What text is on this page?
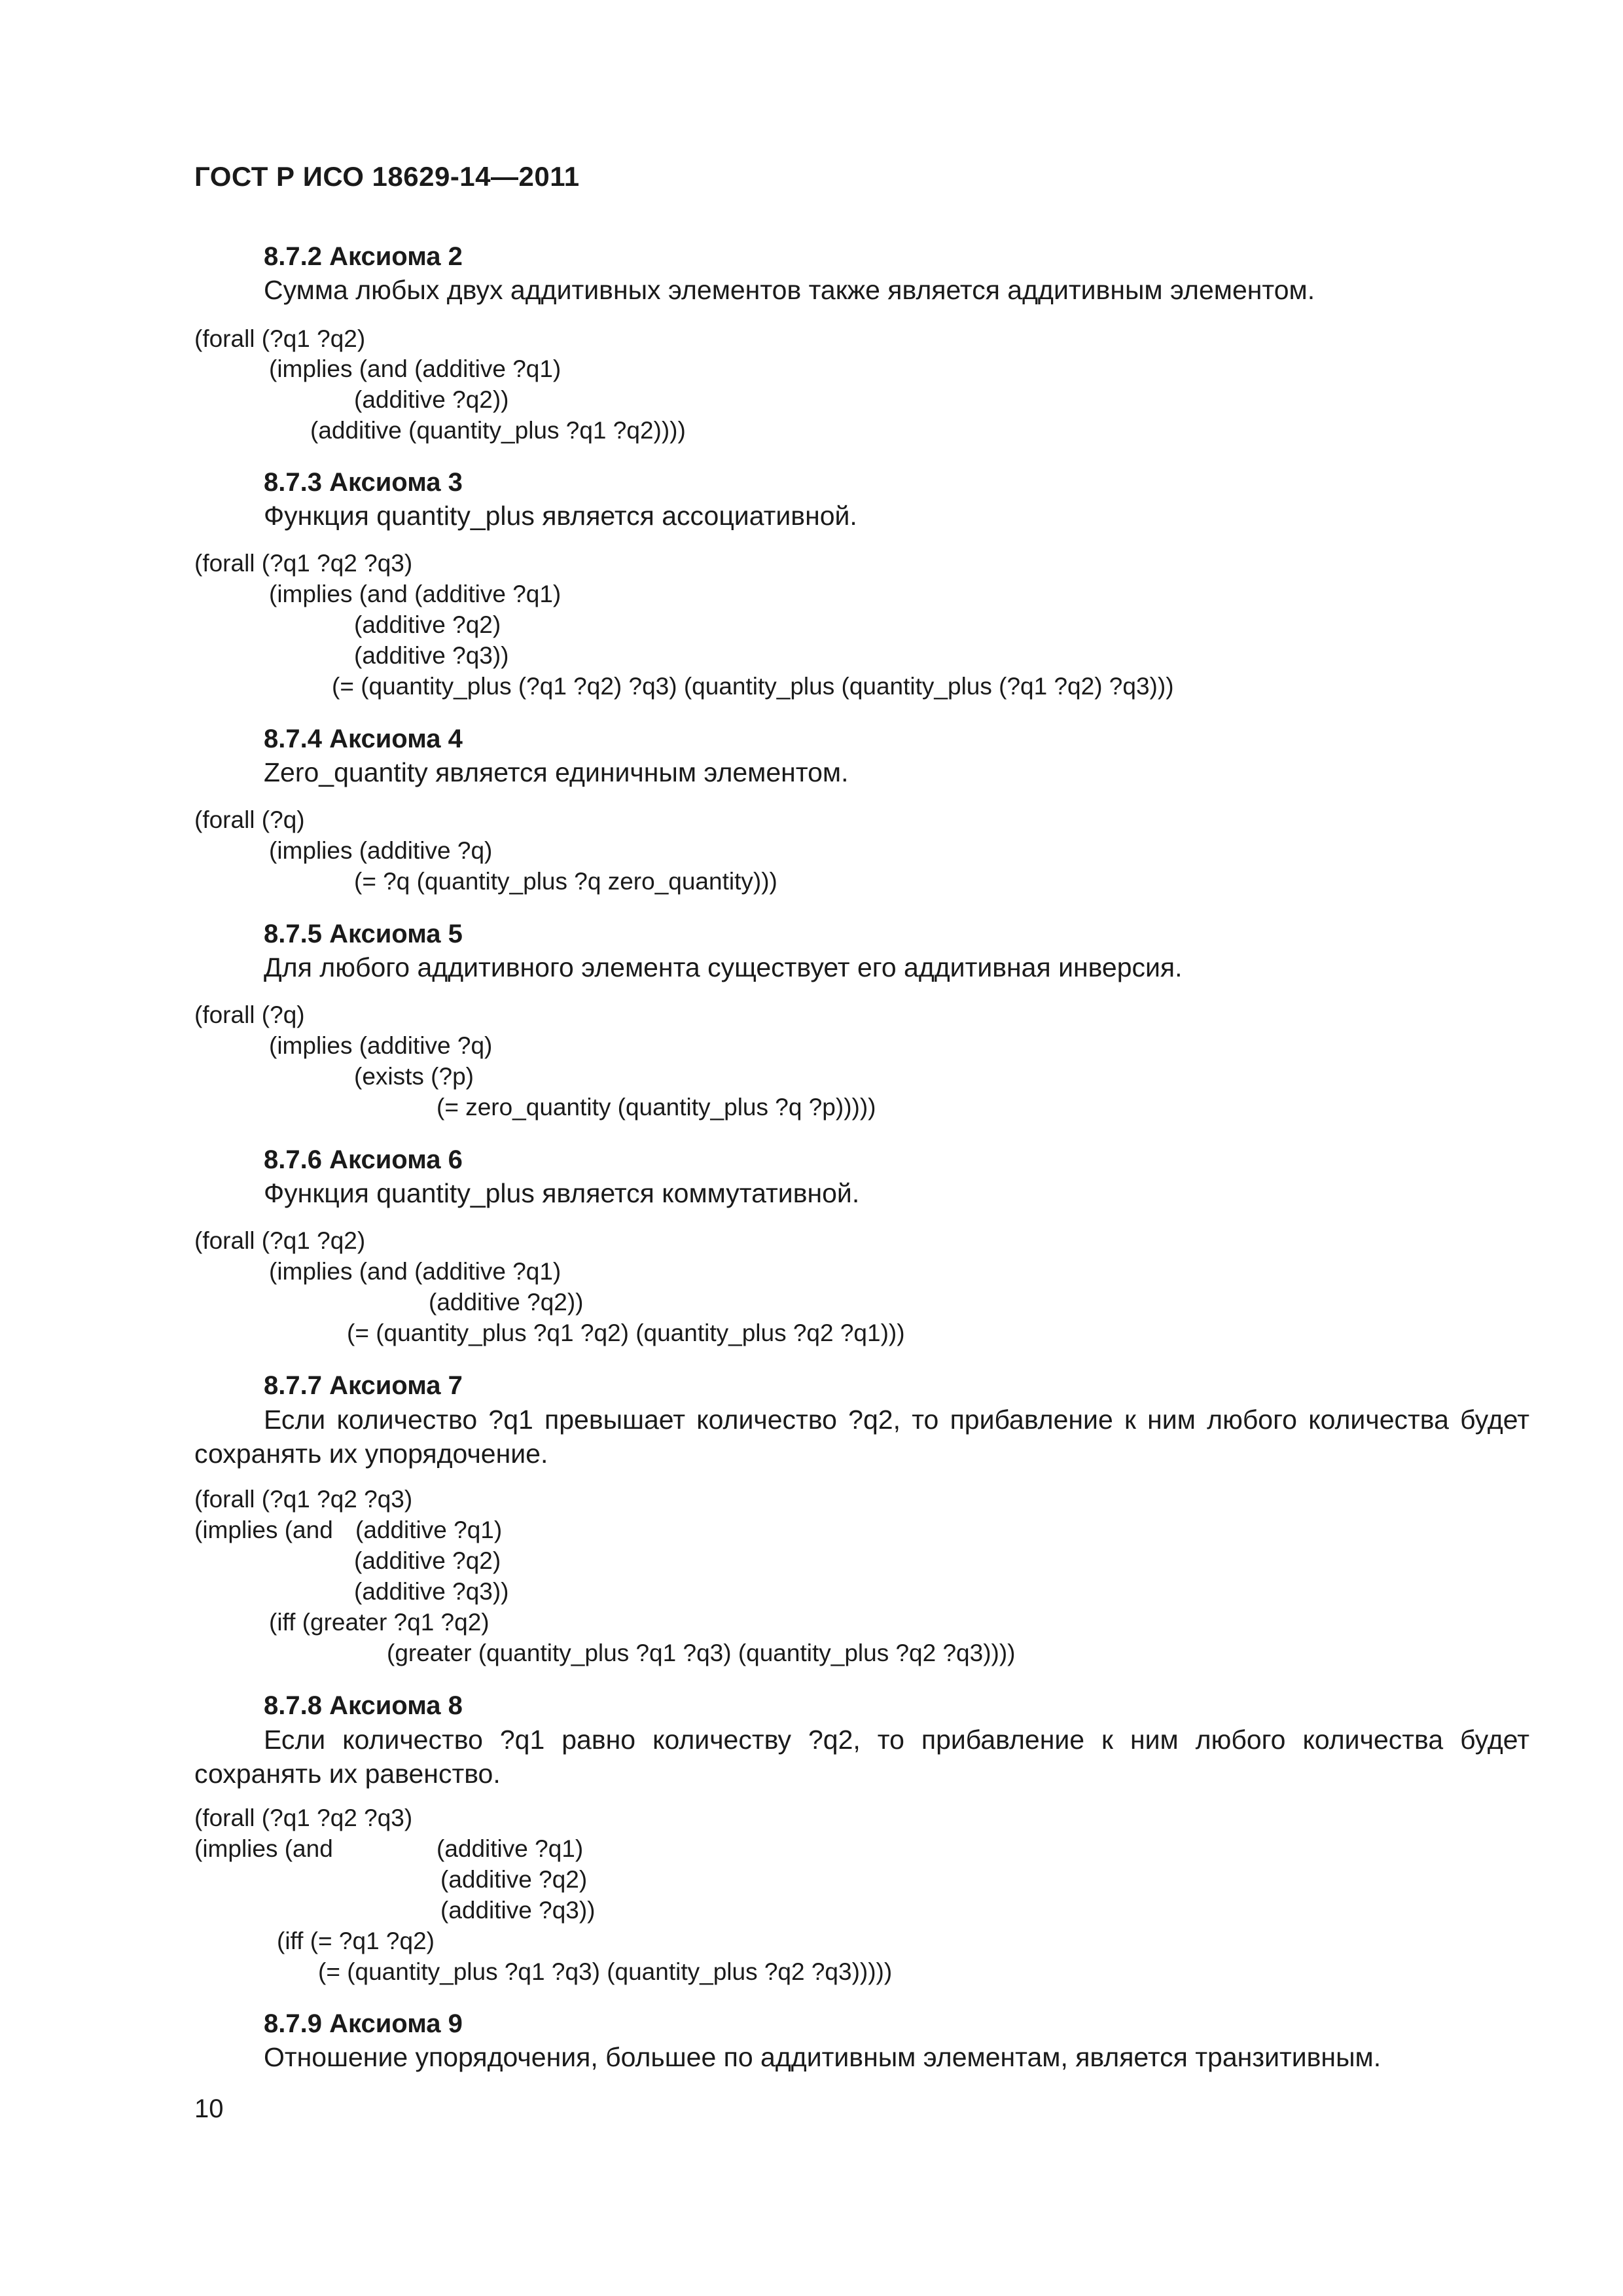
ГОСТ Р ИСО 18629-14—2011
8.7.2 Аксиома 2
Сумма любых двух аддитивных элементов также является аддитивным элементом.
(forall (?q1 ?q2)
(implies (and (additive ?q1)
(additive ?q2))
(additive (quantity_plus ?q1 ?q2))))
8.7.3 Аксиома 3
Функция quantity_plus является ассоциативной.
(forall (?q1 ?q2 ?q3)
(implies (and (additive ?q1)
(additive ?q2)
(additive ?q3))
(= (quantity_plus (?q1 ?q2) ?q3) (quantity_plus (quantity_plus (?q1 ?q2) ?q3)))
8.7.4 Аксиома 4
Zero_quantity является единичным элементом.
(forall (?q)
(implies (additive ?q)
(= ?q (quantity_plus ?q zero_quantity)))
8.7.5 Аксиома 5
Для любого аддитивного элемента существует его аддитивная инверсия.
(forall (?q)
(implies (additive ?q)
(exists (?p)
(= zero_quantity (quantity_plus ?q ?p)))))
8.7.6 Аксиома 6
Функция quantity_plus является коммутативной.
(forall (?q1 ?q2)
(implies (and (additive ?q1)
(additive ?q2))
(= (quantity_plus ?q1 ?q2) (quantity_plus ?q2 ?q1)))
8.7.7 Аксиома 7
Если количество ?q1 превышает количество ?q2, то прибавление к ним любого количества будет сохранять их упорядочение.
(forall (?q1 ?q2 ?q3)
(implies (and (additive ?q1)
(additive ?q2)
(additive ?q3))
(iff (greater ?q1 ?q2)
(greater (quantity_plus ?q1 ?q3) (quantity_plus ?q2 ?q3))))
8.7.8 Аксиома 8
Если количество ?q1 равно количеству ?q2, то прибавление к ним любого количества будет сохранять их равенство.
(forall (?q1 ?q2 ?q3)
(implies (and	(additive ?q1)
(additive ?q2)
(additive ?q3))
(iff (= ?q1 ?q2)
(= (quantity_plus ?q1 ?q3) (quantity_plus ?q2 ?q3)))))
8.7.9 Аксиома 9
Отношение упорядочения, большее по аддитивным элементам, является транзитивным.
10
